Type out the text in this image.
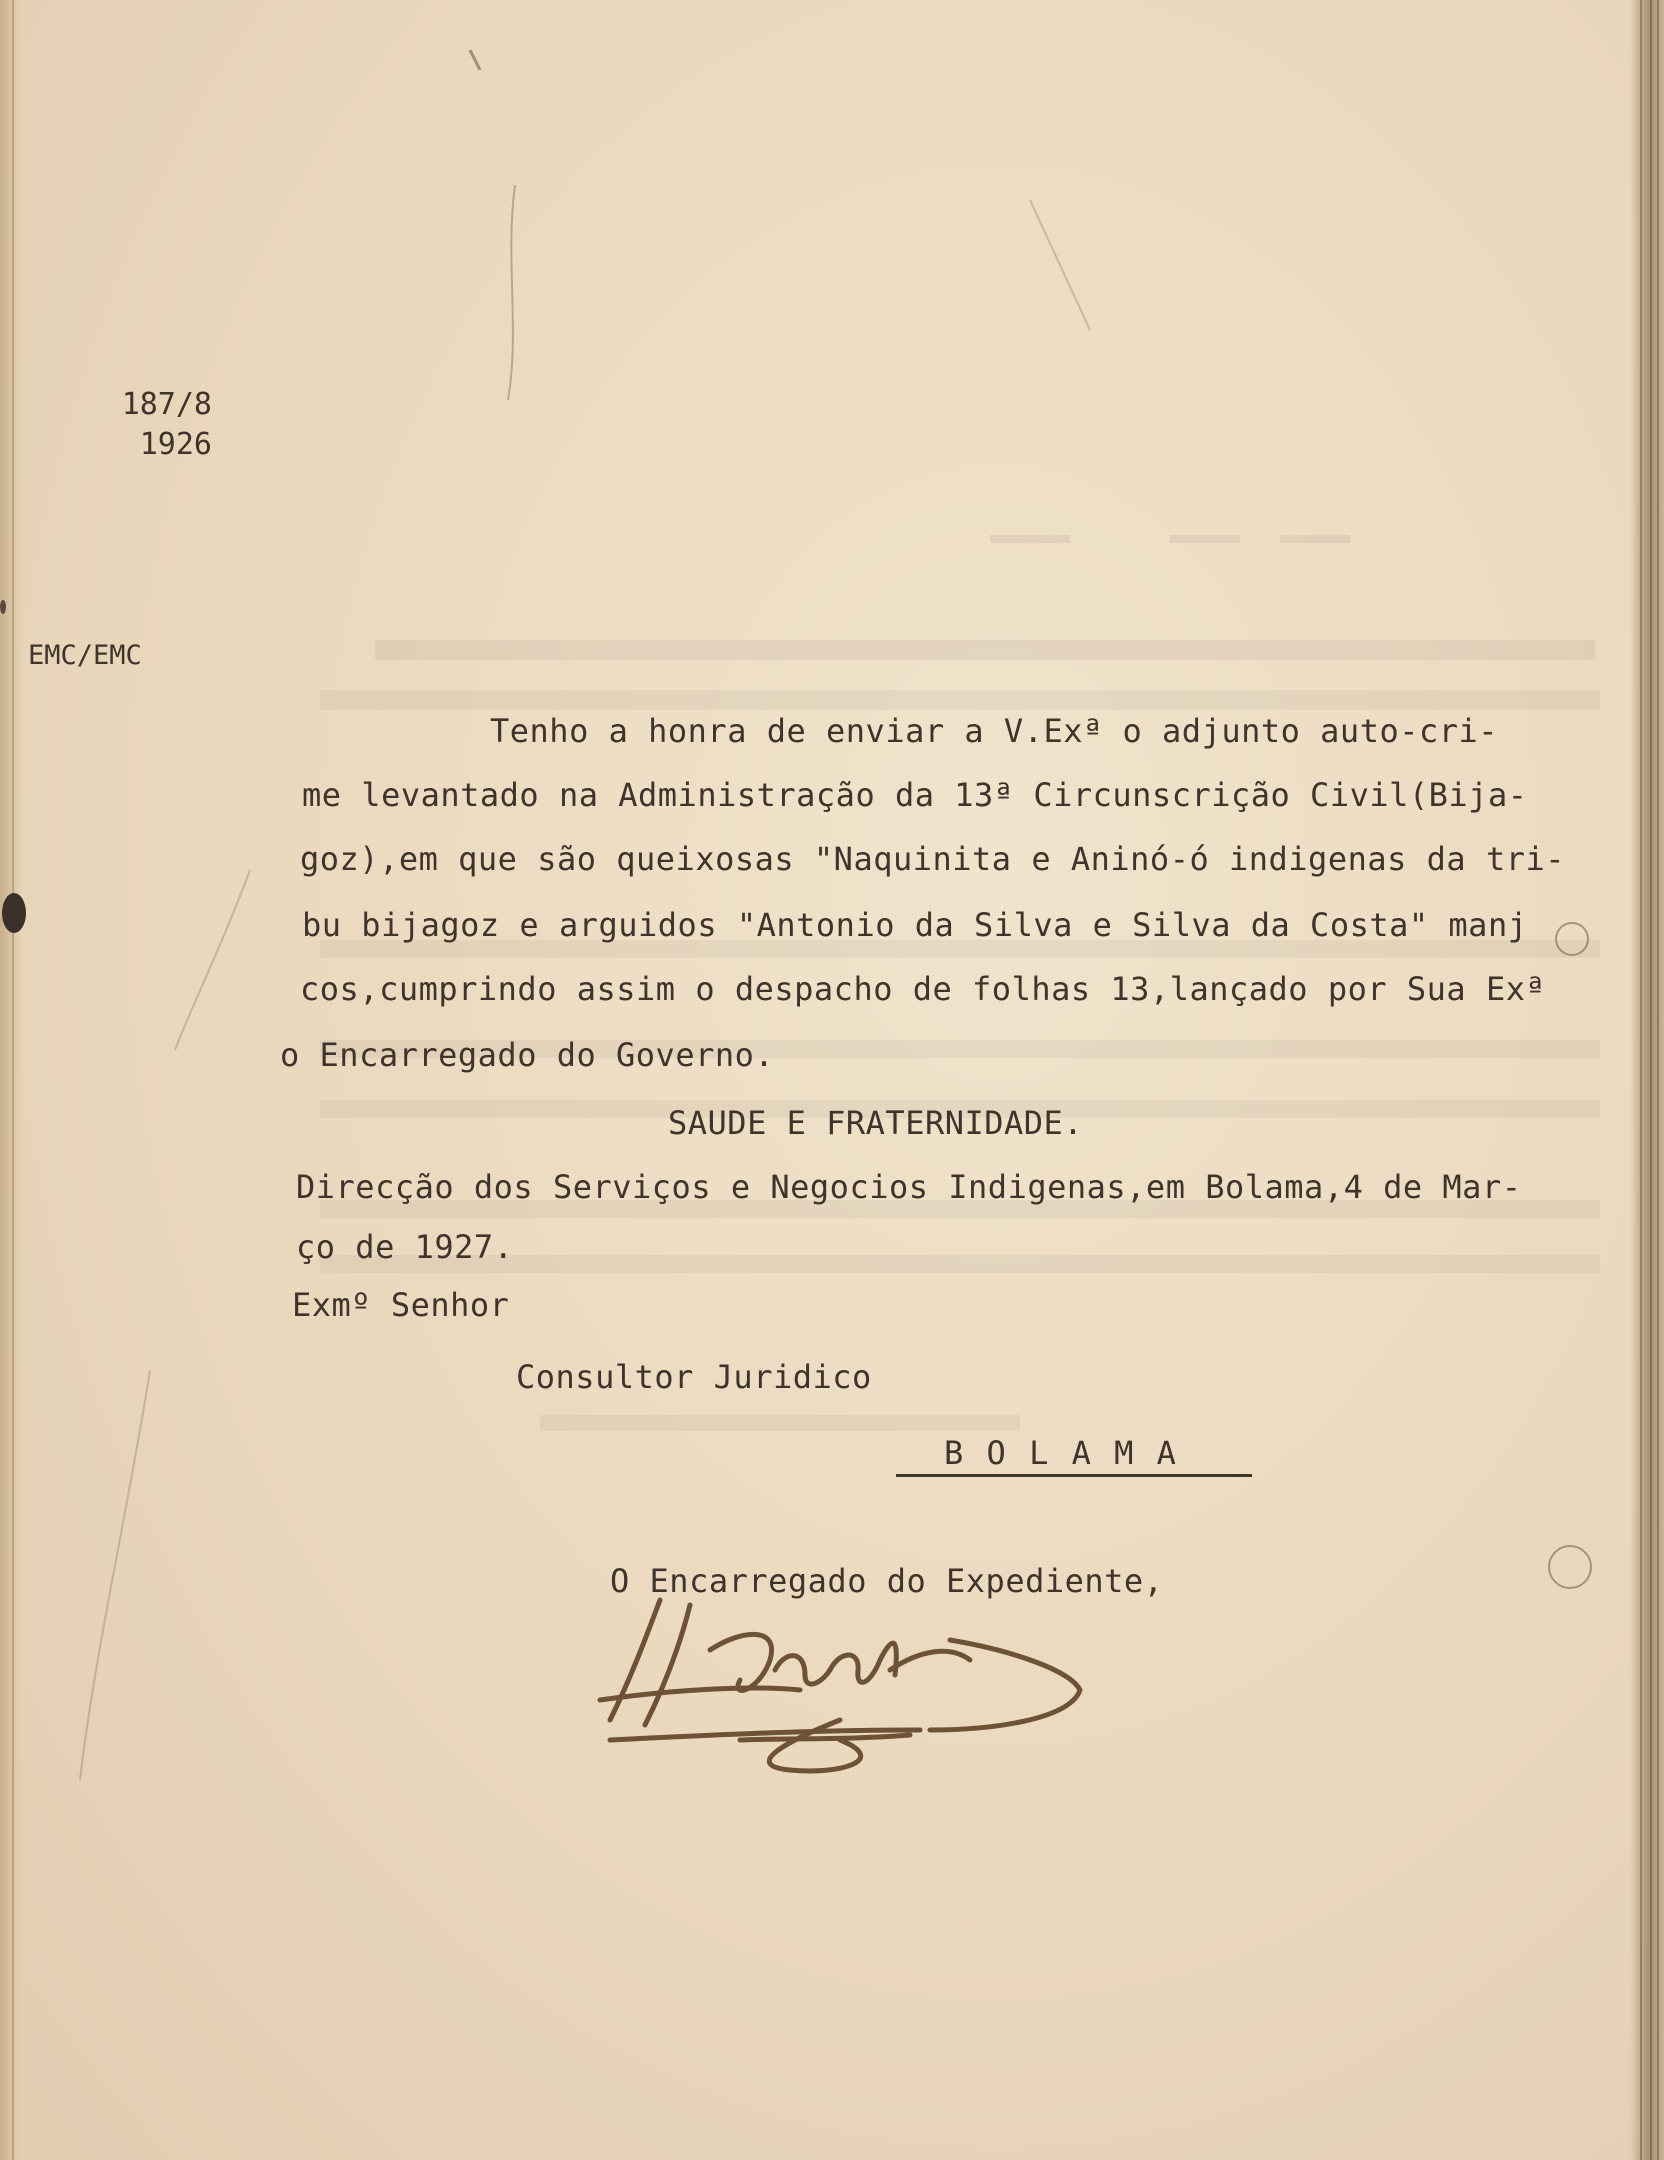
187/8
1926
EMC/EMC
Tenho a honra de enviar a V.Exª o adjunto auto-cri-
me levantado na Administração da 13ª Circunscrição Civil(Bija-
goz),em que são queixosas "Naquinita e Aninó-ó indigenas da tri-
bu bijagoz e arguidos "Antonio da Silva e Silva da Costa" manj
cos,cumprindo assim o despacho de folhas 13,lançado por Sua Exª
o Encarregado do Governo.
SAUDE E FRATERNIDADE.
Direcção dos Serviços e Negocios Indigenas,em Bolama,4 de Mar-
ço de 1927.
Exmº Senhor
Consultor Juridico
B O L A M A
O Encarregado do Expediente,
